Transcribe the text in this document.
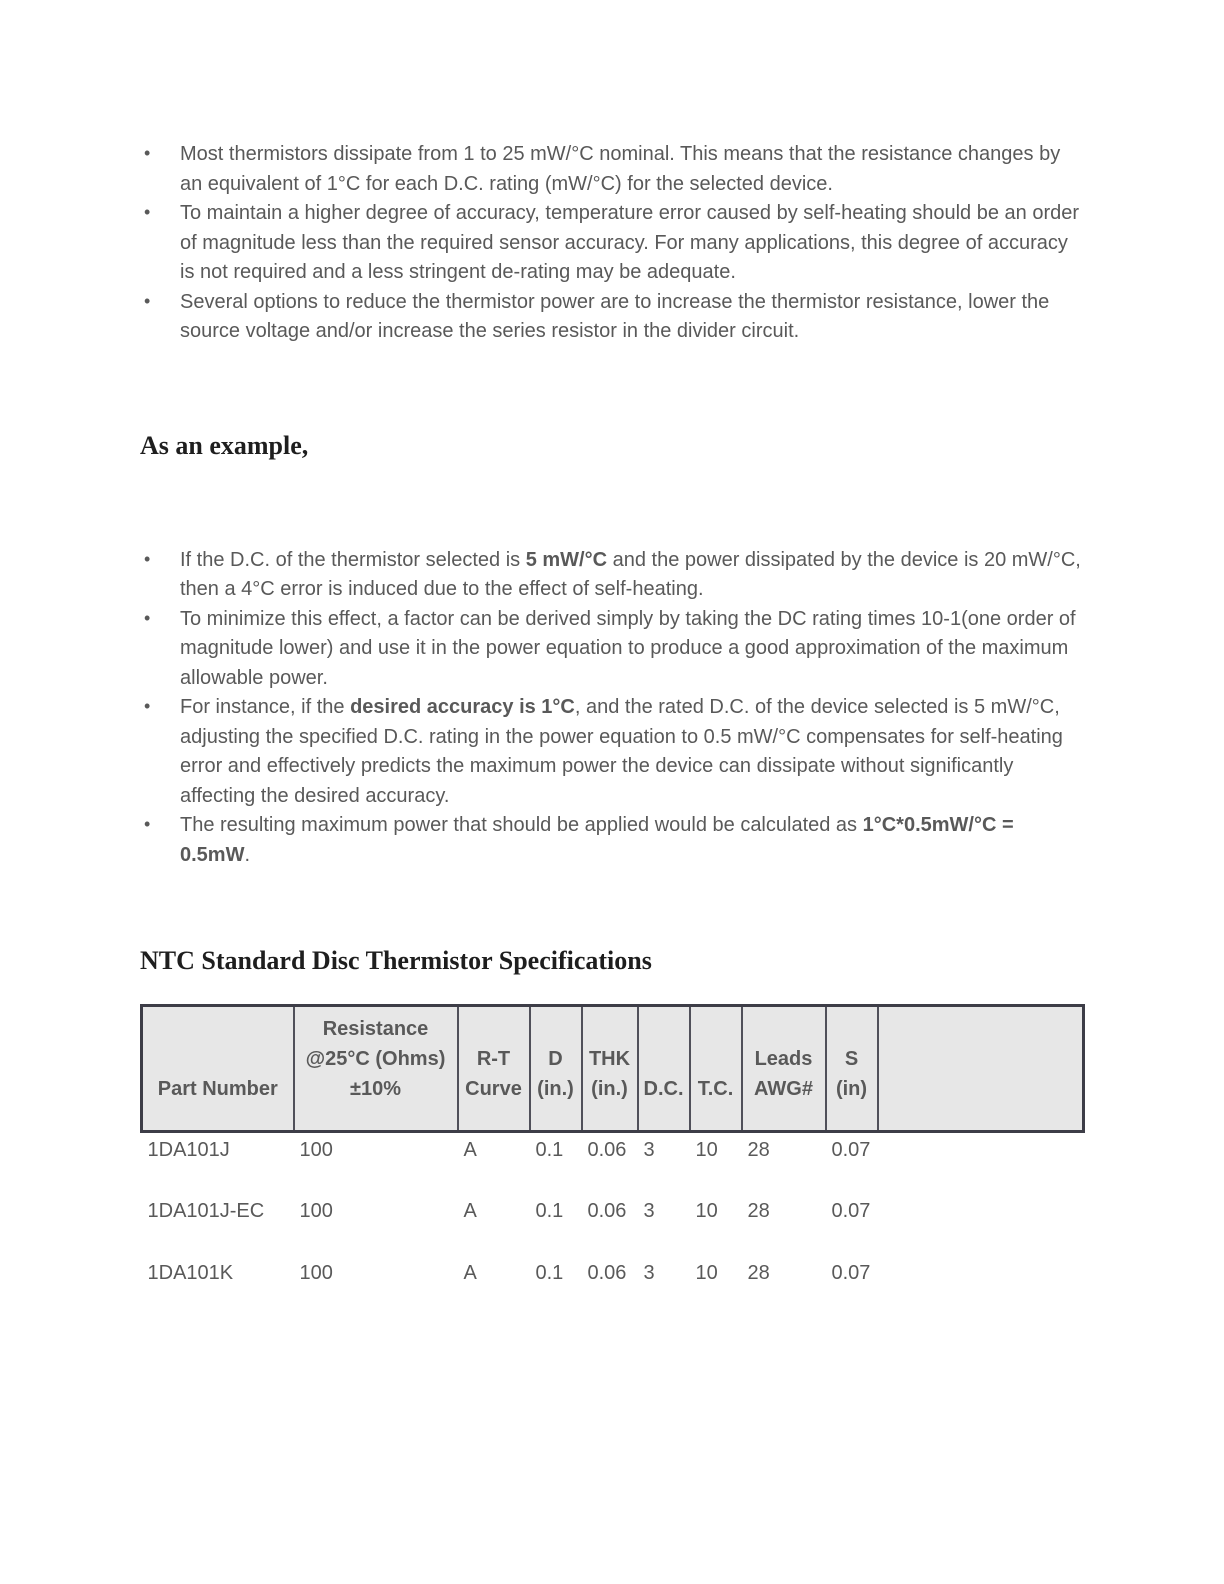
• Most thermistors dissipate from 1 to 25 mW/°C nominal. This means that the resistance changes by an equivalent of 1°C for each D.C. rating (mW/°C) for the selected device.
• To maintain a higher degree of accuracy, temperature error caused by self-heating should be an order of magnitude less than the required sensor accuracy. For many applications, this degree of accuracy is not required and a less stringent de-rating may be adequate.
• Several options to reduce the thermistor power are to increase the thermistor resistance, lower the source voltage and/or increase the series resistor in the divider circuit.
As an example,
• If the D.C. of the thermistor selected is 5 mW/°C and the power dissipated by the device is 20 mW/°C, then a 4°C error is induced due to the effect of self-heating.
• To minimize this effect, a factor can be derived simply by taking the DC rating times 10-1(one order of magnitude lower) and use it in the power equation to produce a good approximation of the maximum allowable power.
• For instance, if the desired accuracy is 1°C, and the rated D.C. of the device selected is 5 mW/°C, adjusting the specified D.C. rating in the power equation to 0.5 mW/°C compensates for self-heating error and effectively predicts the maximum power the device can dissipate without significantly affecting the desired accuracy.
• The resulting maximum power that should be applied would be calculated as 1°C*0.5mW/°C = 0.5mW.
NTC Standard Disc Thermistor Specifications
Part Number	Resistance @25°C (Ohms) ±10%	R-T Curve	D (in.)	THK (in.)	D.C.	T.C.	Leads AWG#	S (in)	
1DA101J	100	A	0.1	0.06	3	10	28	0.07	
1DA101J-EC	100	A	0.1	0.06	3	10	28	0.07	
1DA101K	100	A	0.1	0.06	3	10	28	0.07	
